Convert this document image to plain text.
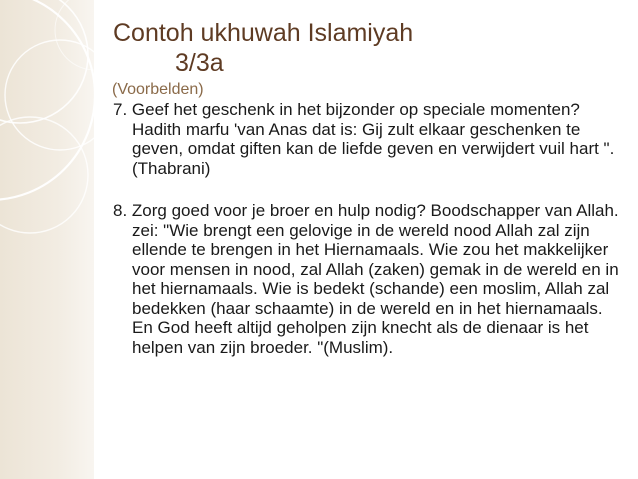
Contoh ukhuwah Islamiyah

3/3a
(Voorbelden)

7. Geef het geschenk in het bijzonder op speciale momenten? Hadith marfu 'van Anas dat is: Gij zult elkaar geschenken te geven, omdat giften kan de liefde geven en verwijdert vuil hart ". (Thabrani)

8. Zorg goed voor je broer en hulp nodig? Boodschapper van Allah. zei: "Wie brengt een gelovige in de wereld nood Allah zal zijn ellende te brengen in het Hiernamaals. Wie zou het makkelijker voor mensen in nood, zal Allah (zaken) gemak in de wereld en in het hiernamaals. Wie is bedekt (schande) een moslim, Allah zal bedekken (haar schaamte) in de wereld en in het hiernamaals. En God heeft altijd geholpen zijn knecht als de dienaar is het helpen van zijn broeder. "(Muslim).
